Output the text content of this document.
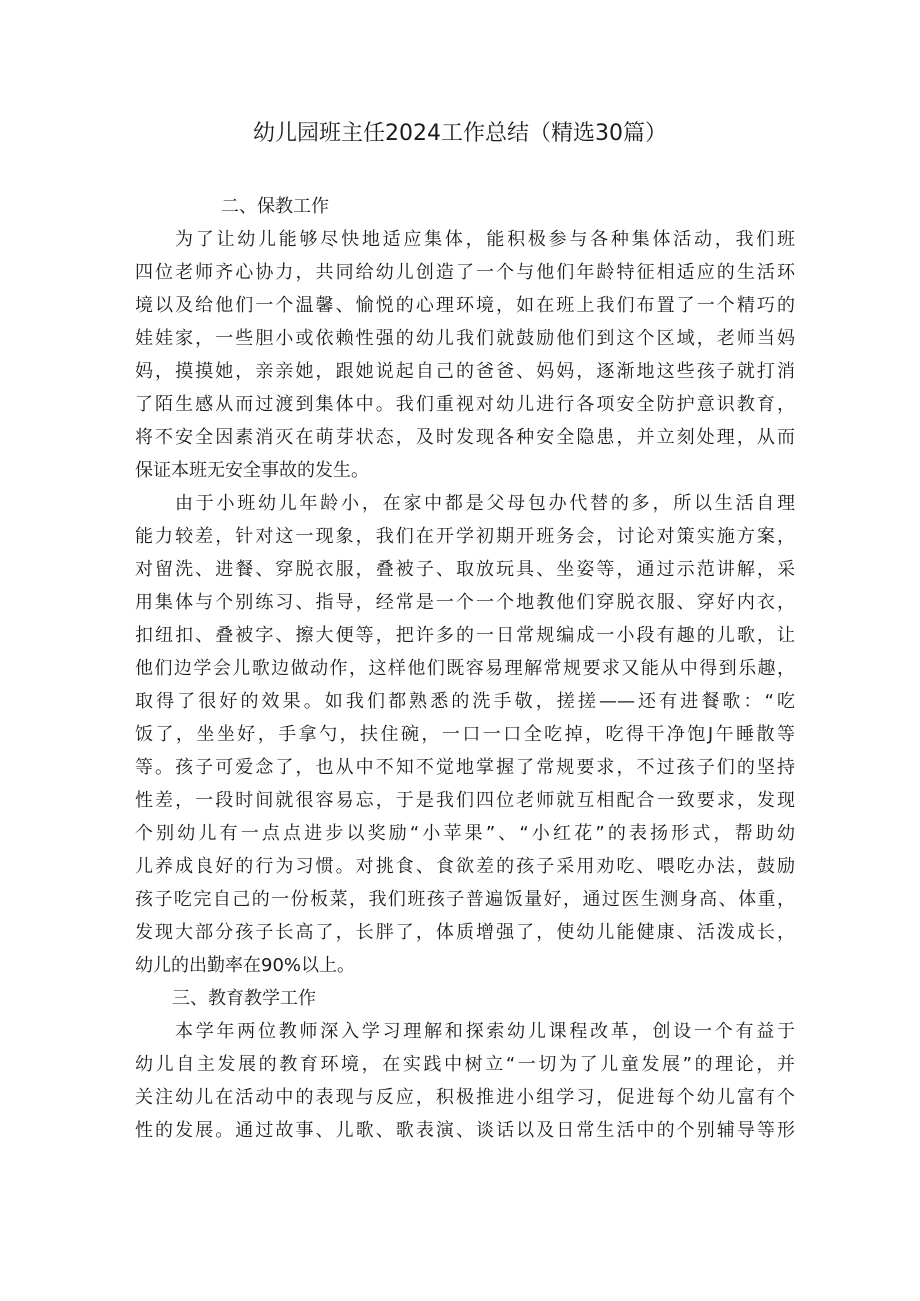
幼儿园班主任2024工作总结（精选30篇）
二、保教工作
为了让幼儿能够尽快地适应集体，能积极参与各种集体活动，我们班
四位老师齐心协力，共同给幼儿创造了一个与他们年龄特征相适应的生活环
境以及给他们一个温馨、愉悦的心理环境，如在班上我们布置了一个精巧的
娃娃家，一些胆小或依赖性强的幼儿我们就鼓励他们到这个区域，老师当妈
妈，摸摸她，亲亲她，跟她说起自己的爸爸、妈妈，逐渐地这些孩子就打消
了陌生感从而过渡到集体中。我们重视对幼儿进行各项安全防护意识教育，
将不安全因素消灭在萌芽状态，及时发现各种安全隐患，并立刻处理，从而
保证本班无安全事故的发生。
由于小班幼儿年龄小，在家中都是父母包办代替的多，所以生活自理
能力较差，针对这一现象，我们在开学初期开班务会，讨论对策实施方案，
对留洗、进餐、穿脱衣服，叠被子、取放玩具、坐姿等，通过示范讲解，采
用集体与个别练习、指导，经常是一个一个地教他们穿脱衣服、穿好内衣，
扣纽扣、叠被字、擦大便等，把许多的一日常规编成一小段有趣的儿歌，让
他们边学会儿歌边做动作，这样他们既容易理解常规要求又能从中得到乐趣，
取得了很好的效果。如我们都熟悉的洗手敬，搓搓——还有进餐歌：“吃
饭了，坐坐好，手拿勺，扶住碗，一口一口全吃掉，吃得干净饱J午睡散等
等。孩子可爱念了，也从中不知不觉地掌握了常规要求，不过孩子们的坚持
性差，一段时间就很容易忘，于是我们四位老师就互相配合一致要求，发现
个别幼儿有一点点进步以奖励“小苹果”、“小红花”的表扬形式，帮助幼
儿养成良好的行为习惯。对挑食、食欲差的孩子采用劝吃、喂吃办法，鼓励
孩子吃完自己的一份板菜，我们班孩子普遍饭量好，通过医生测身高、体重，
发现大部分孩子长高了，长胖了，体质增强了，使幼儿能健康、活泼成长，
幼儿的出勤率在90%以上。
三、教育教学工作
本学年两位教师深入学习理解和探索幼儿课程改革，创设一个有益于
幼儿自主发展的教育环境，在实践中树立“一切为了儿童发展”的理论，并
关注幼儿在活动中的表现与反应，积极推进小组学习，促进每个幼儿富有个
性的发展。通过故事、儿歌、歌表演、谈话以及日常生活中的个别辅导等形
